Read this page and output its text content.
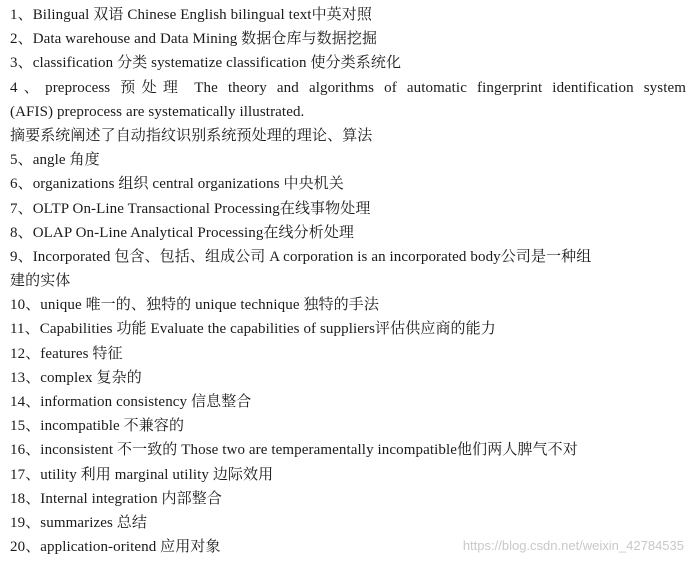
1、Bilingual 双语 Chinese English bilingual text中英对照
2、Data warehouse and Data Mining 数据仓库与数据挖掘
3、classification 分类 systematize classification 使分类系统化
4、preprocess 预处理 The theory and algorithms of automatic fingerprint identification system
(AFIS) preprocess are systematically illustrated.
摘要系统阐述了自动指纹识别系统预处理的理论、算法
5、angle 角度
6、organizations 组织 central organizations 中央机关
7、OLTP On-Line Transactional Processing在线事物处理
8、OLAP On-Line Analytical Processing在线分析处理
9、Incorporated 包含、包括、组成公司 A corporation is an incorporated body公司是一种组
建的实体
10、unique 唯一的、独特的 unique technique 独特的手法
11、Capabilities 功能 Evaluate the capabilities of suppliers评估供应商的能力
12、features 特征
13、complex 复杂的
14、information consistency 信息整合
15、incompatible 不兼容的
16、inconsistent 不一致的 Those two are temperamentally incompatible他们两人脾气不对
17、utility 利用 marginal utility 边际效用
18、Internal integration 内部整合
19、summarizes 总结
20、application-oritend 应用对象	https://blog.csdn.net/weixin_42784535
